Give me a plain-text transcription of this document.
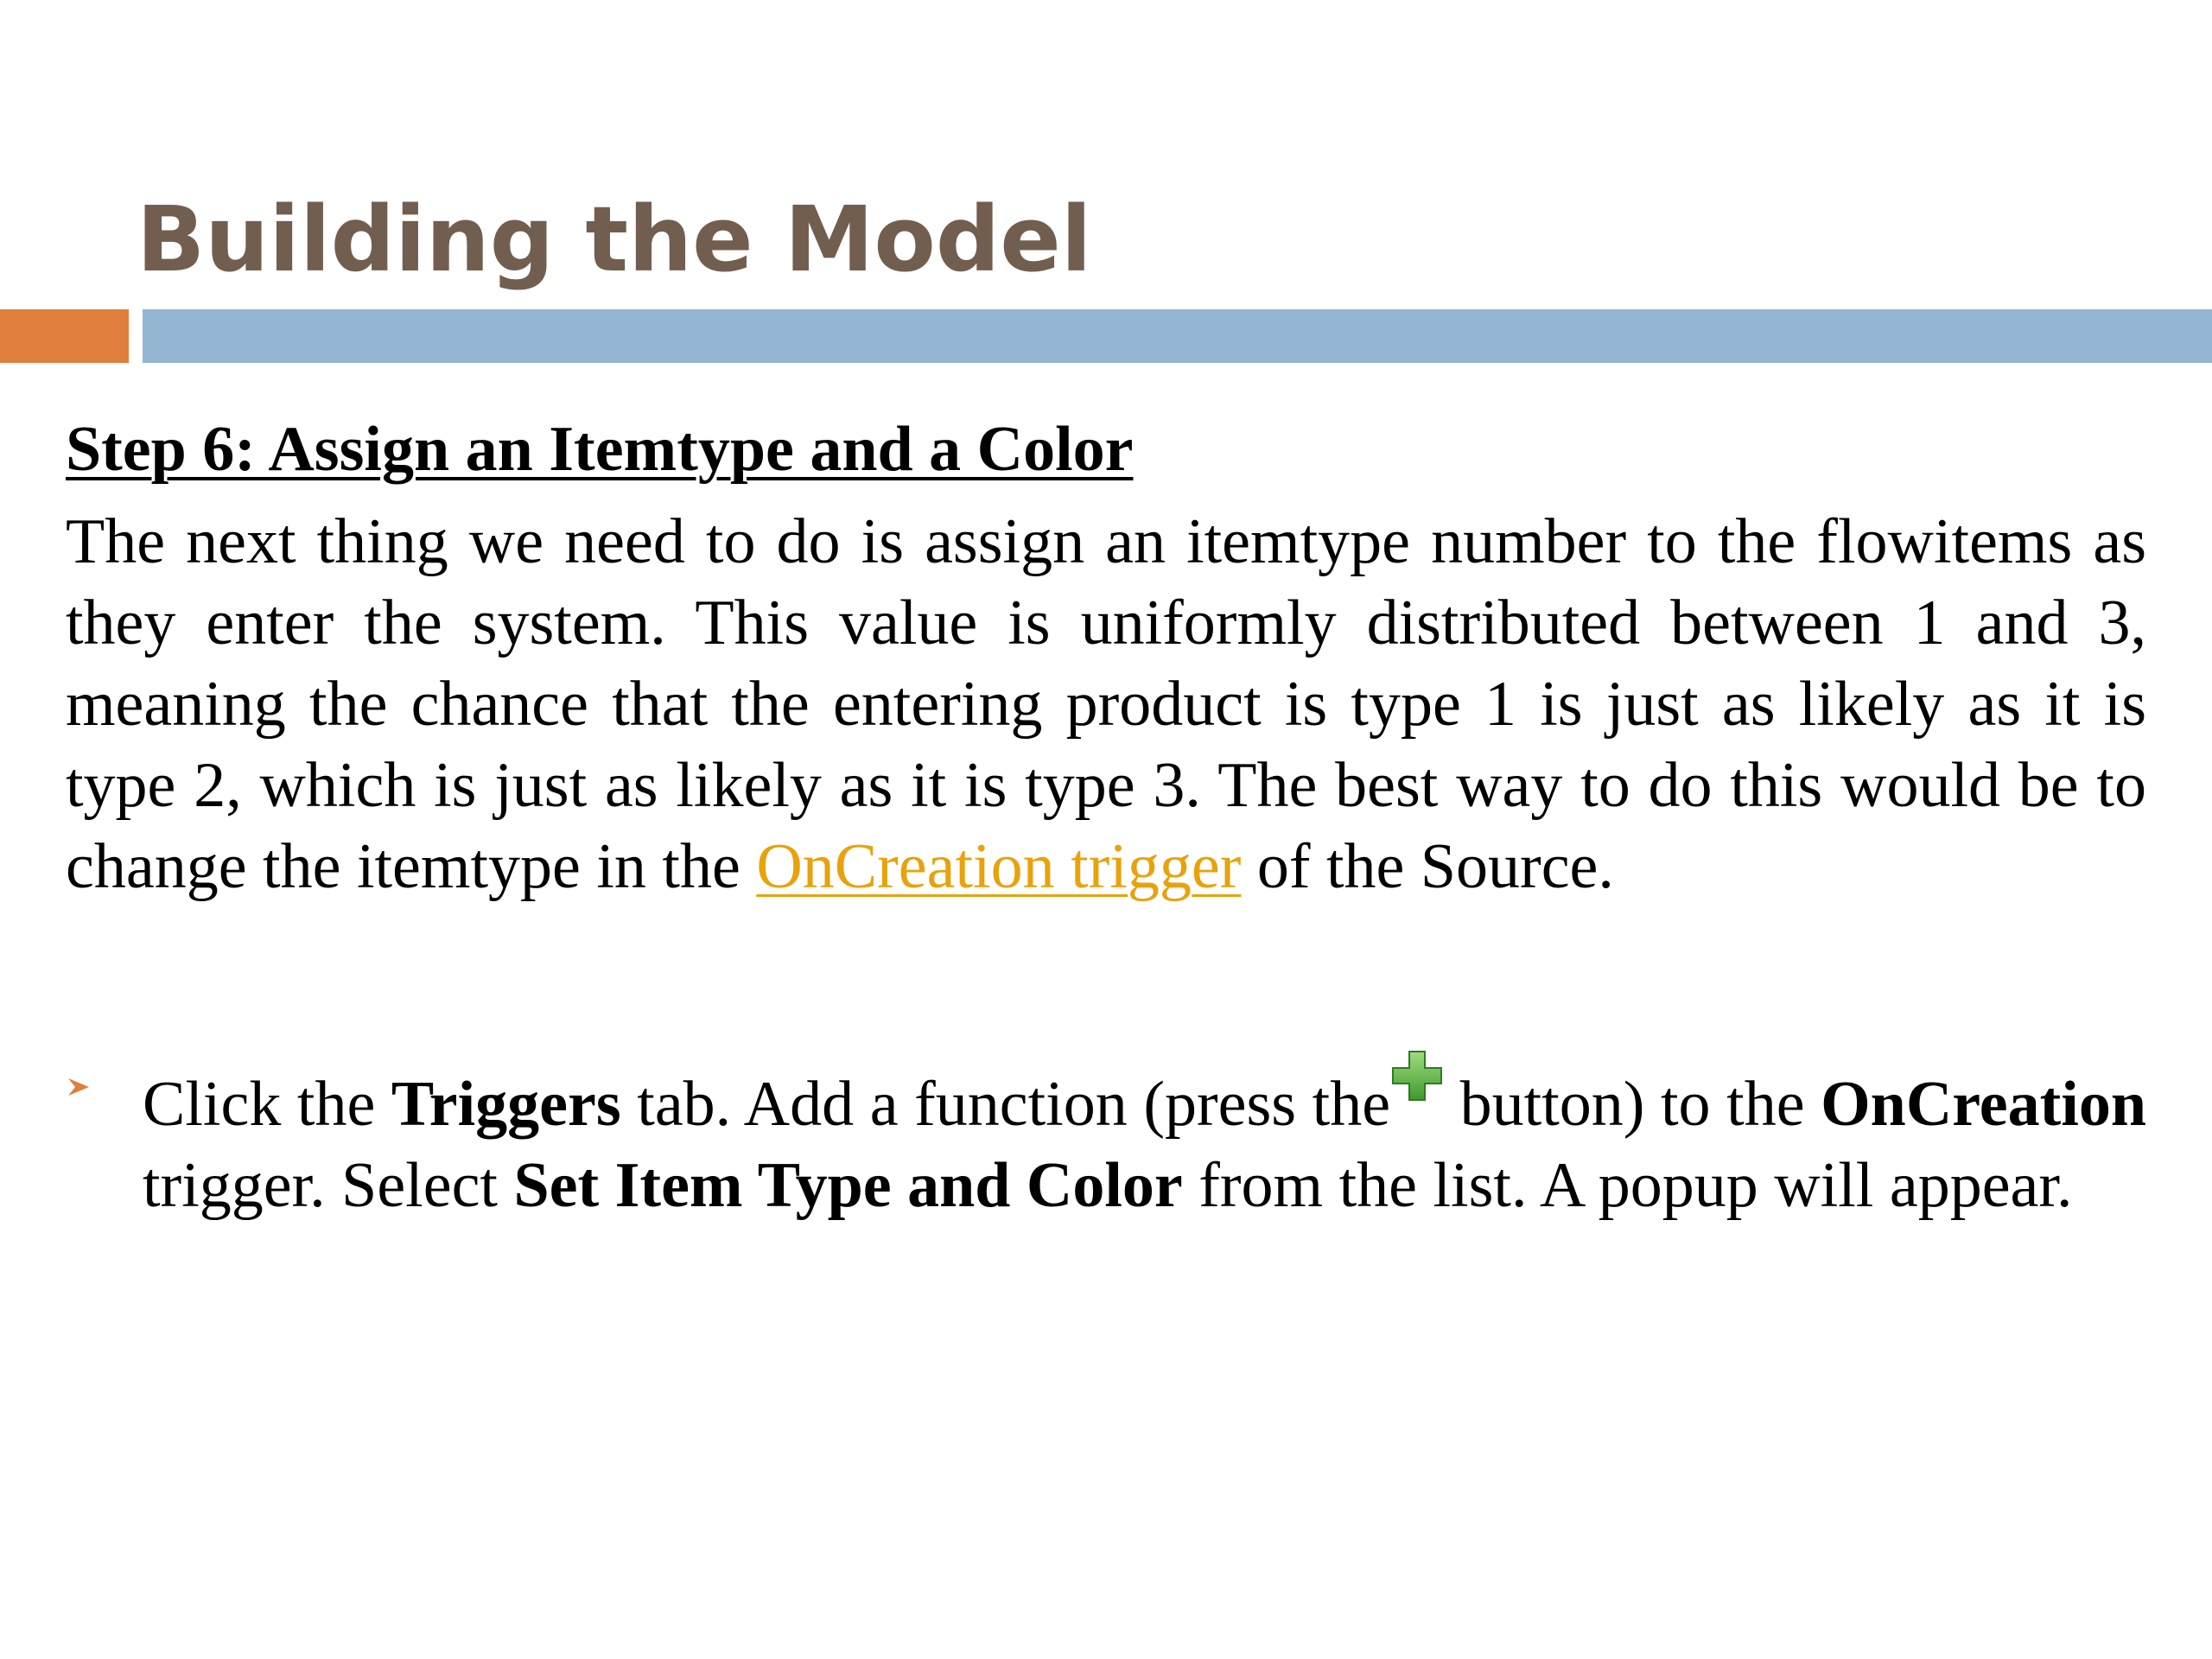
Building the Model
Step 6: Assign an Itemtype and a Color

The next thing we need to do is assign an itemtype number to the flowitems as they enter the system. This value is uniformly distributed between 1 and 3, meaning the chance that the entering product is type 1 is just as likely as it is type 2, which is just as likely as it is type 3. The best way to do this would be to change the itemtype in the OnCreation trigger of the Source.

Click the Triggers tab. Add a function (press the button) to the OnCreation trigger. Select Set Item Type and Color from the list. A popup will appear.
